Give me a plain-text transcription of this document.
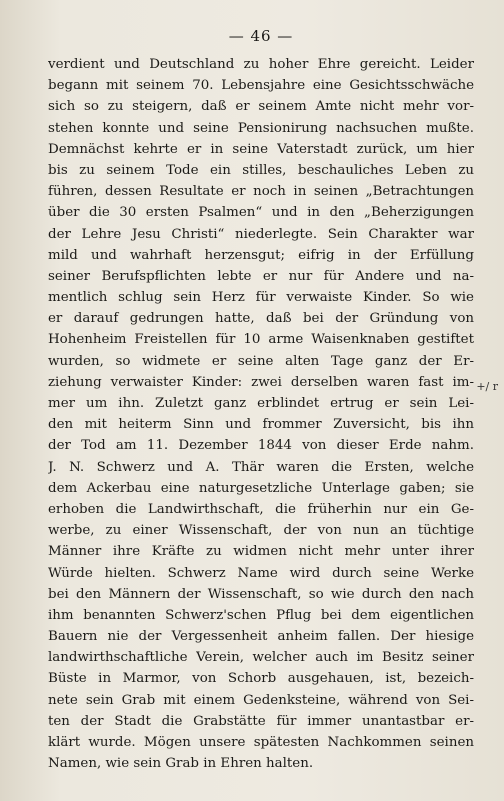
— 46 —
verdient und Deutschland zu hoher Ehre gereicht. Leider
begann mit seinem 70. Lebensjahre eine Gesichtsschwäche
sich so zu steigern, daß er seinem Amte nicht mehr vor-
stehen konnte und seine Pensionirung nachsuchen mußte.
Demnächst kehrte er in seine Vaterstadt zurück, um hier
bis zu seinem Tode ein stilles, beschauliches Leben zu
führen, dessen Resultate er noch in seinen „Betrachtungen
über die 30 ersten Psalmen“ und in den „Beherzigungen
der Lehre Jesu Christi“ niederlegte. Sein Charakter war
mild und wahrhaft herzensgut; eifrig in der Erfüllung
seiner Berufspflichten lebte er nur für Andere und na-
mentlich schlug sein Herz für verwaiste Kinder. So wie
er darauf gedrungen hatte, daß bei der Gründung von
Hohenheim Freistellen für 10 arme Waisenknaben gestiftet
wurden, so widmete er seine alten Tage ganz der Er-
ziehung verwaister Kinder: zwei derselben waren fast im-
mer um ihn. Zuletzt ganz erblindet ertrug er sein Lei-
den mit heiterm Sinn und frommer Zuversicht, bis ihn
der Tod am 11. Dezember 1844 von dieser Erde nahm.
J. N. Schwerz und A. Thär waren die Ersten, welche
dem Ackerbau eine naturgesetzliche Unterlage gaben; sie
erhoben die Landwirthschaft, die früherhin nur ein Ge-
werbe, zu einer Wissenschaft, der von nun an tüchtige
Männer ihre Kräfte zu widmen nicht mehr unter ihrer
Würde hielten. Schwerz Name wird durch seine Werke
bei den Männern der Wissenschaft, so wie durch den nach
ihm benannten Schwerz'schen Pflug bei dem eigentlichen
Bauern nie der Vergessenheit anheim fallen. Der hiesige
landwirthschaftliche Verein, welcher auch im Besitz seiner
Büste in Marmor, von Schorb ausgehauen, ist, bezeich-
nete sein Grab mit einem Gedenksteine, während von Sei-
ten der Stadt die Grabstätte für immer unantastbar er-
klärt wurde. Mögen unsere spätesten Nachkommen seinen
Namen, wie sein Grab in Ehren halten.
+/ r
